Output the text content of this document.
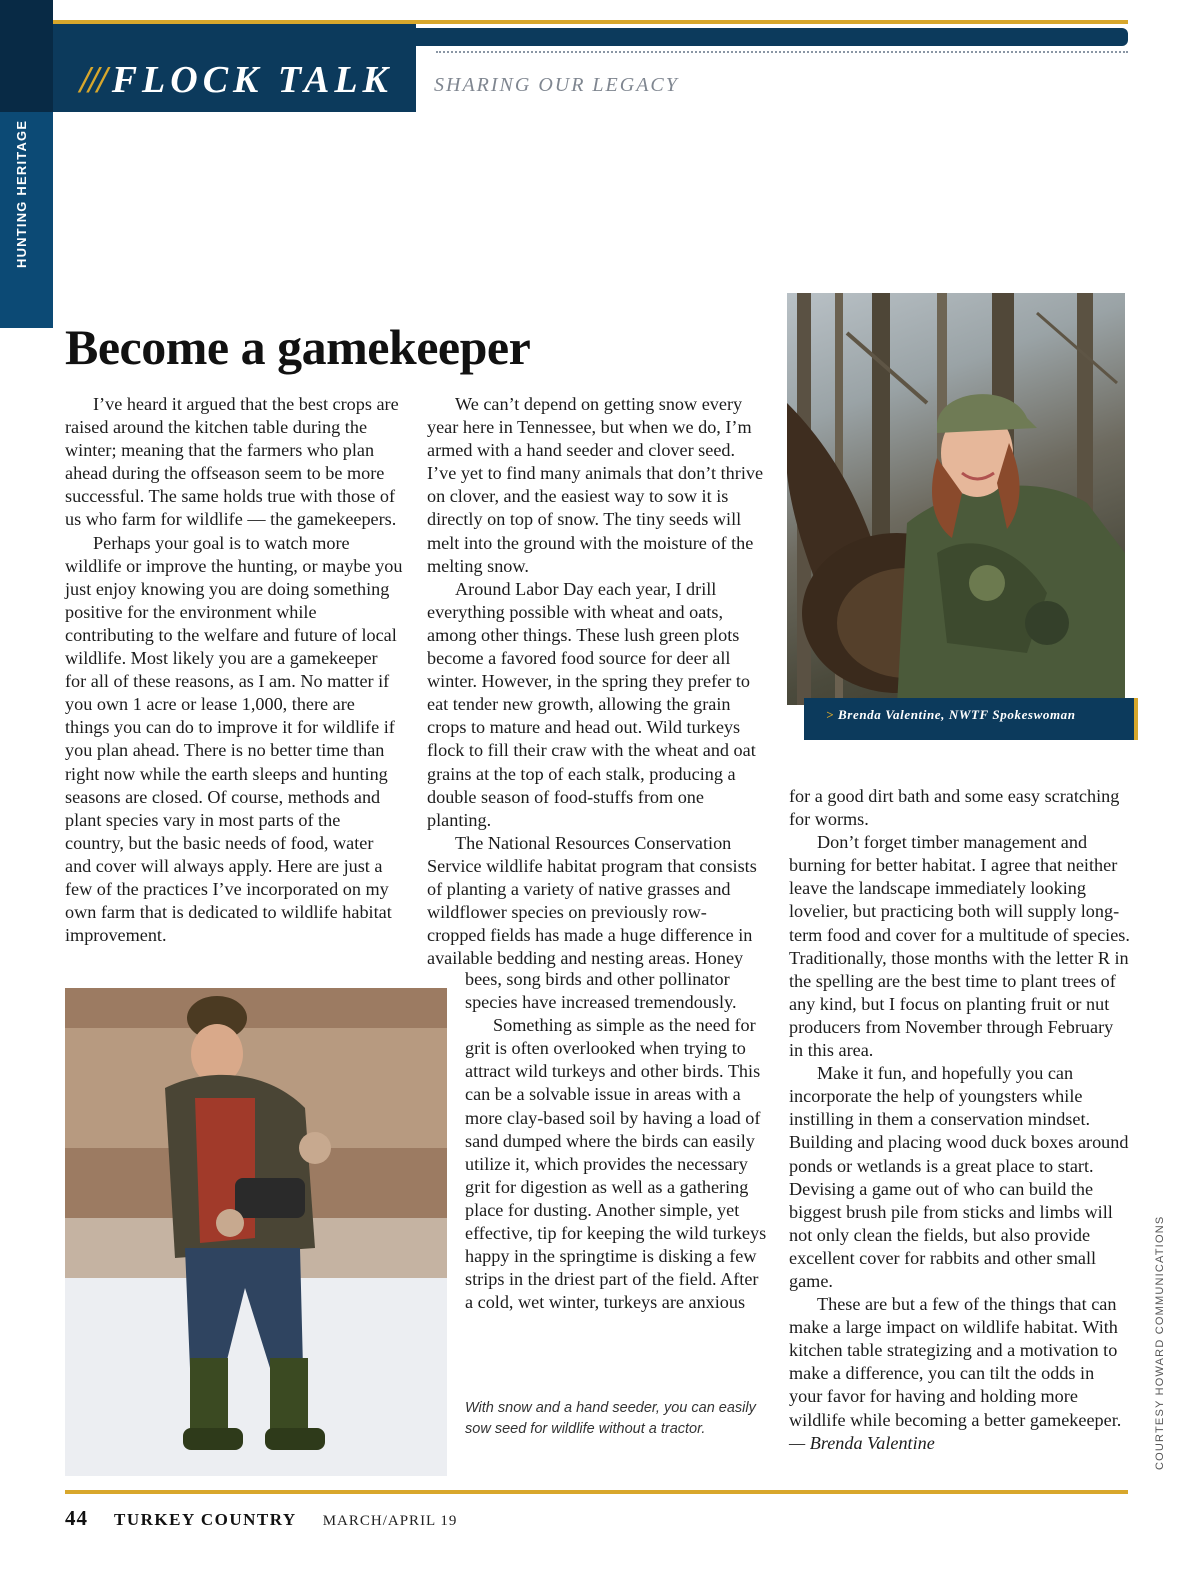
HUNTING HERITAGE
/// FLOCK TALK SHARING OUR LEGACY
> Brenda Valentine, NWTF Spokeswoman
Become a gamekeeper

I’ve heard it argued that the best crops are raised around the kitchen table during the winter; meaning that the farmers who plan ahead during the offseason seem to be more successful. The same holds true with those of us who farm for wildlife — the gamekeepers.

Perhaps your goal is to watch more wildlife or improve the hunting, or maybe you just enjoy knowing you are doing something positive for the environment while contributing to the welfare and future of local wildlife. Most likely you are a gamekeeper for all of these reasons, as I am. No matter if you own 1 acre or lease 1,000, there are things you can do to improve it for wildlife if you plan ahead. There is no better time than right now while the earth sleeps and hunting seasons are closed. Of course, methods and plant species vary in most parts of the country, but the basic needs of food, water and cover will always apply. Here are just a few of the practices I’ve incorporated on my own farm that is dedicated to wildlife habitat improvement.

We can’t depend on getting snow every year here in Tennessee, but when we do, I’m armed with a hand seeder and clover seed. I’ve yet to find many animals that don’t thrive on clover, and the easiest way to sow it is directly on top of snow. The tiny seeds will melt into the ground with the moisture of the melting snow.

Around Labor Day each year, I drill everything possible with wheat and oats, among other things. These lush green plots become a favored food source for deer all winter. However, in the spring they prefer to eat tender new growth, allowing the grain crops to mature and head out. Wild turkeys flock to fill their craw with the wheat and oat grains at the top of each stalk, producing a double season of food-stuffs from one planting.

The National Resources Conservation Service wildlife habitat program that consists of planting a variety of native grasses and wildflower species on previously row-cropped fields has made a huge difference in available bedding and nesting areas. Honey

bees, song birds and other pollinator species have increased tremendously.

Something as simple as the need for grit is often overlooked when trying to attract wild turkeys and other birds. This can be a solvable issue in areas with a more clay-based soil by having a load of sand dumped where the birds can easily utilize it, which provides the necessary grit for digestion as well as a gathering place for dusting. Another simple, yet effective, tip for keeping the wild turkeys happy in the springtime is disking a few strips in the driest part of the field. After a cold, wet winter, turkeys are anxious

With snow and a hand seeder, you can easily sow seed for wildlife without a tractor.

for a good dirt bath and some easy scratching for worms.

Don’t forget timber management and burning for better habitat. I agree that neither leave the landscape immediately looking lovelier, but practicing both will supply long-term food and cover for a multitude of species. Traditionally, those months with the letter R in the spelling are the best time to plant trees of any kind, but I focus on planting fruit or nut producers from November through February in this area.

Make it fun, and hopefully you can incorporate the help of youngsters while instilling in them a conservation mindset. Building and placing wood duck boxes around ponds or wetlands is a great place to start. Devising a game out of who can build the biggest brush pile from sticks and limbs will not only clean the fields, but also provide excellent cover for rabbits and other small game.

These are but a few of the things that can make a large impact on wildlife habitat. With kitchen table strategizing and a motivation to make a difference, you can tilt the odds in your favor for having and holding more wildlife while becoming a better gamekeeper. — Brenda Valentine	COURTESY HOWARD COMMUNICATIONS
44 TURKEY COUNTRY MARCH/APRIL 19
